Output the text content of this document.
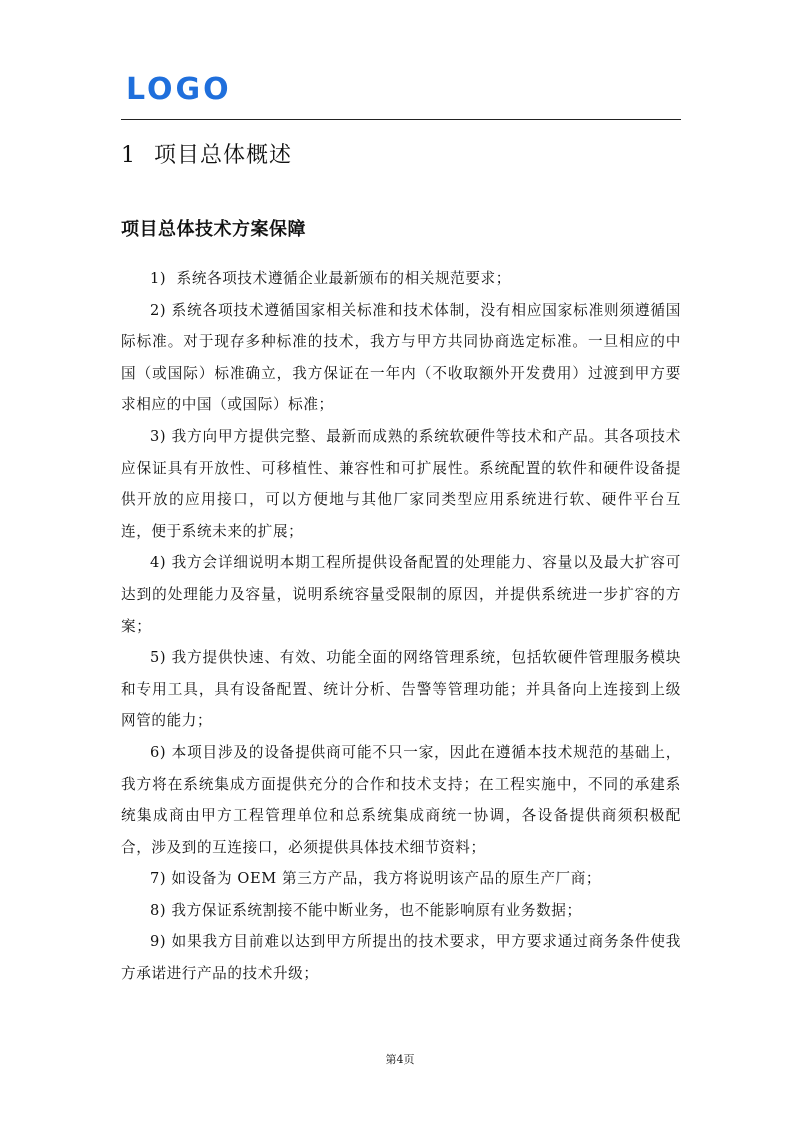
LOGO
1 项目总体概述
项目总体技术方案保障

1)  系统各项技术遵循企业最新颁布的相关规范要求；

2) 系统各项技术遵循国家相关标准和技术体制，没有相应国家标准则须遵循国际标准。对于现存多种标准的技术，我方与甲方共同协商选定标准。一旦相应的中国（或国际）标准确立，我方保证在一年内（不收取额外开发费用）过渡到甲方要求相应的中国（或国际）标准；

3) 我方向甲方提供完整、最新而成熟的系统软硬件等技术和产品。其各项技术应保证具有开放性、可移植性、兼容性和可扩展性。系统配置的软件和硬件设备提供开放的应用接口，可以方便地与其他厂家同类型应用系统进行软、硬件平台互连，便于系统未来的扩展；

4) 我方会详细说明本期工程所提供设备配置的处理能力、容量以及最大扩容可达到的处理能力及容量，说明系统容量受限制的原因，并提供系统进一步扩容的方案；

5) 我方提供快速、有效、功能全面的网络管理系统，包括软硬件管理服务模块和专用工具，具有设备配置、统计分析、告警等管理功能；并具备向上连接到上级网管的能力；

6) 本项目涉及的设备提供商可能不只一家，因此在遵循本技术规范的基础上，我方将在系统集成方面提供充分的合作和技术支持；在工程实施中，不同的承建系统集成商由甲方工程管理单位和总系统集成商统一协调，各设备提供商须积极配合，涉及到的互连接口，必须提供具体技术细节资料；

7) 如设备为 OEM 第三方产品，我方将说明该产品的原生产厂商；

8) 我方保证系统割接不能中断业务，也不能影响原有业务数据；

9) 如果我方目前难以达到甲方所提出的技术要求，甲方要求通过商务条件使我方承诺进行产品的技术升级；

第4页
